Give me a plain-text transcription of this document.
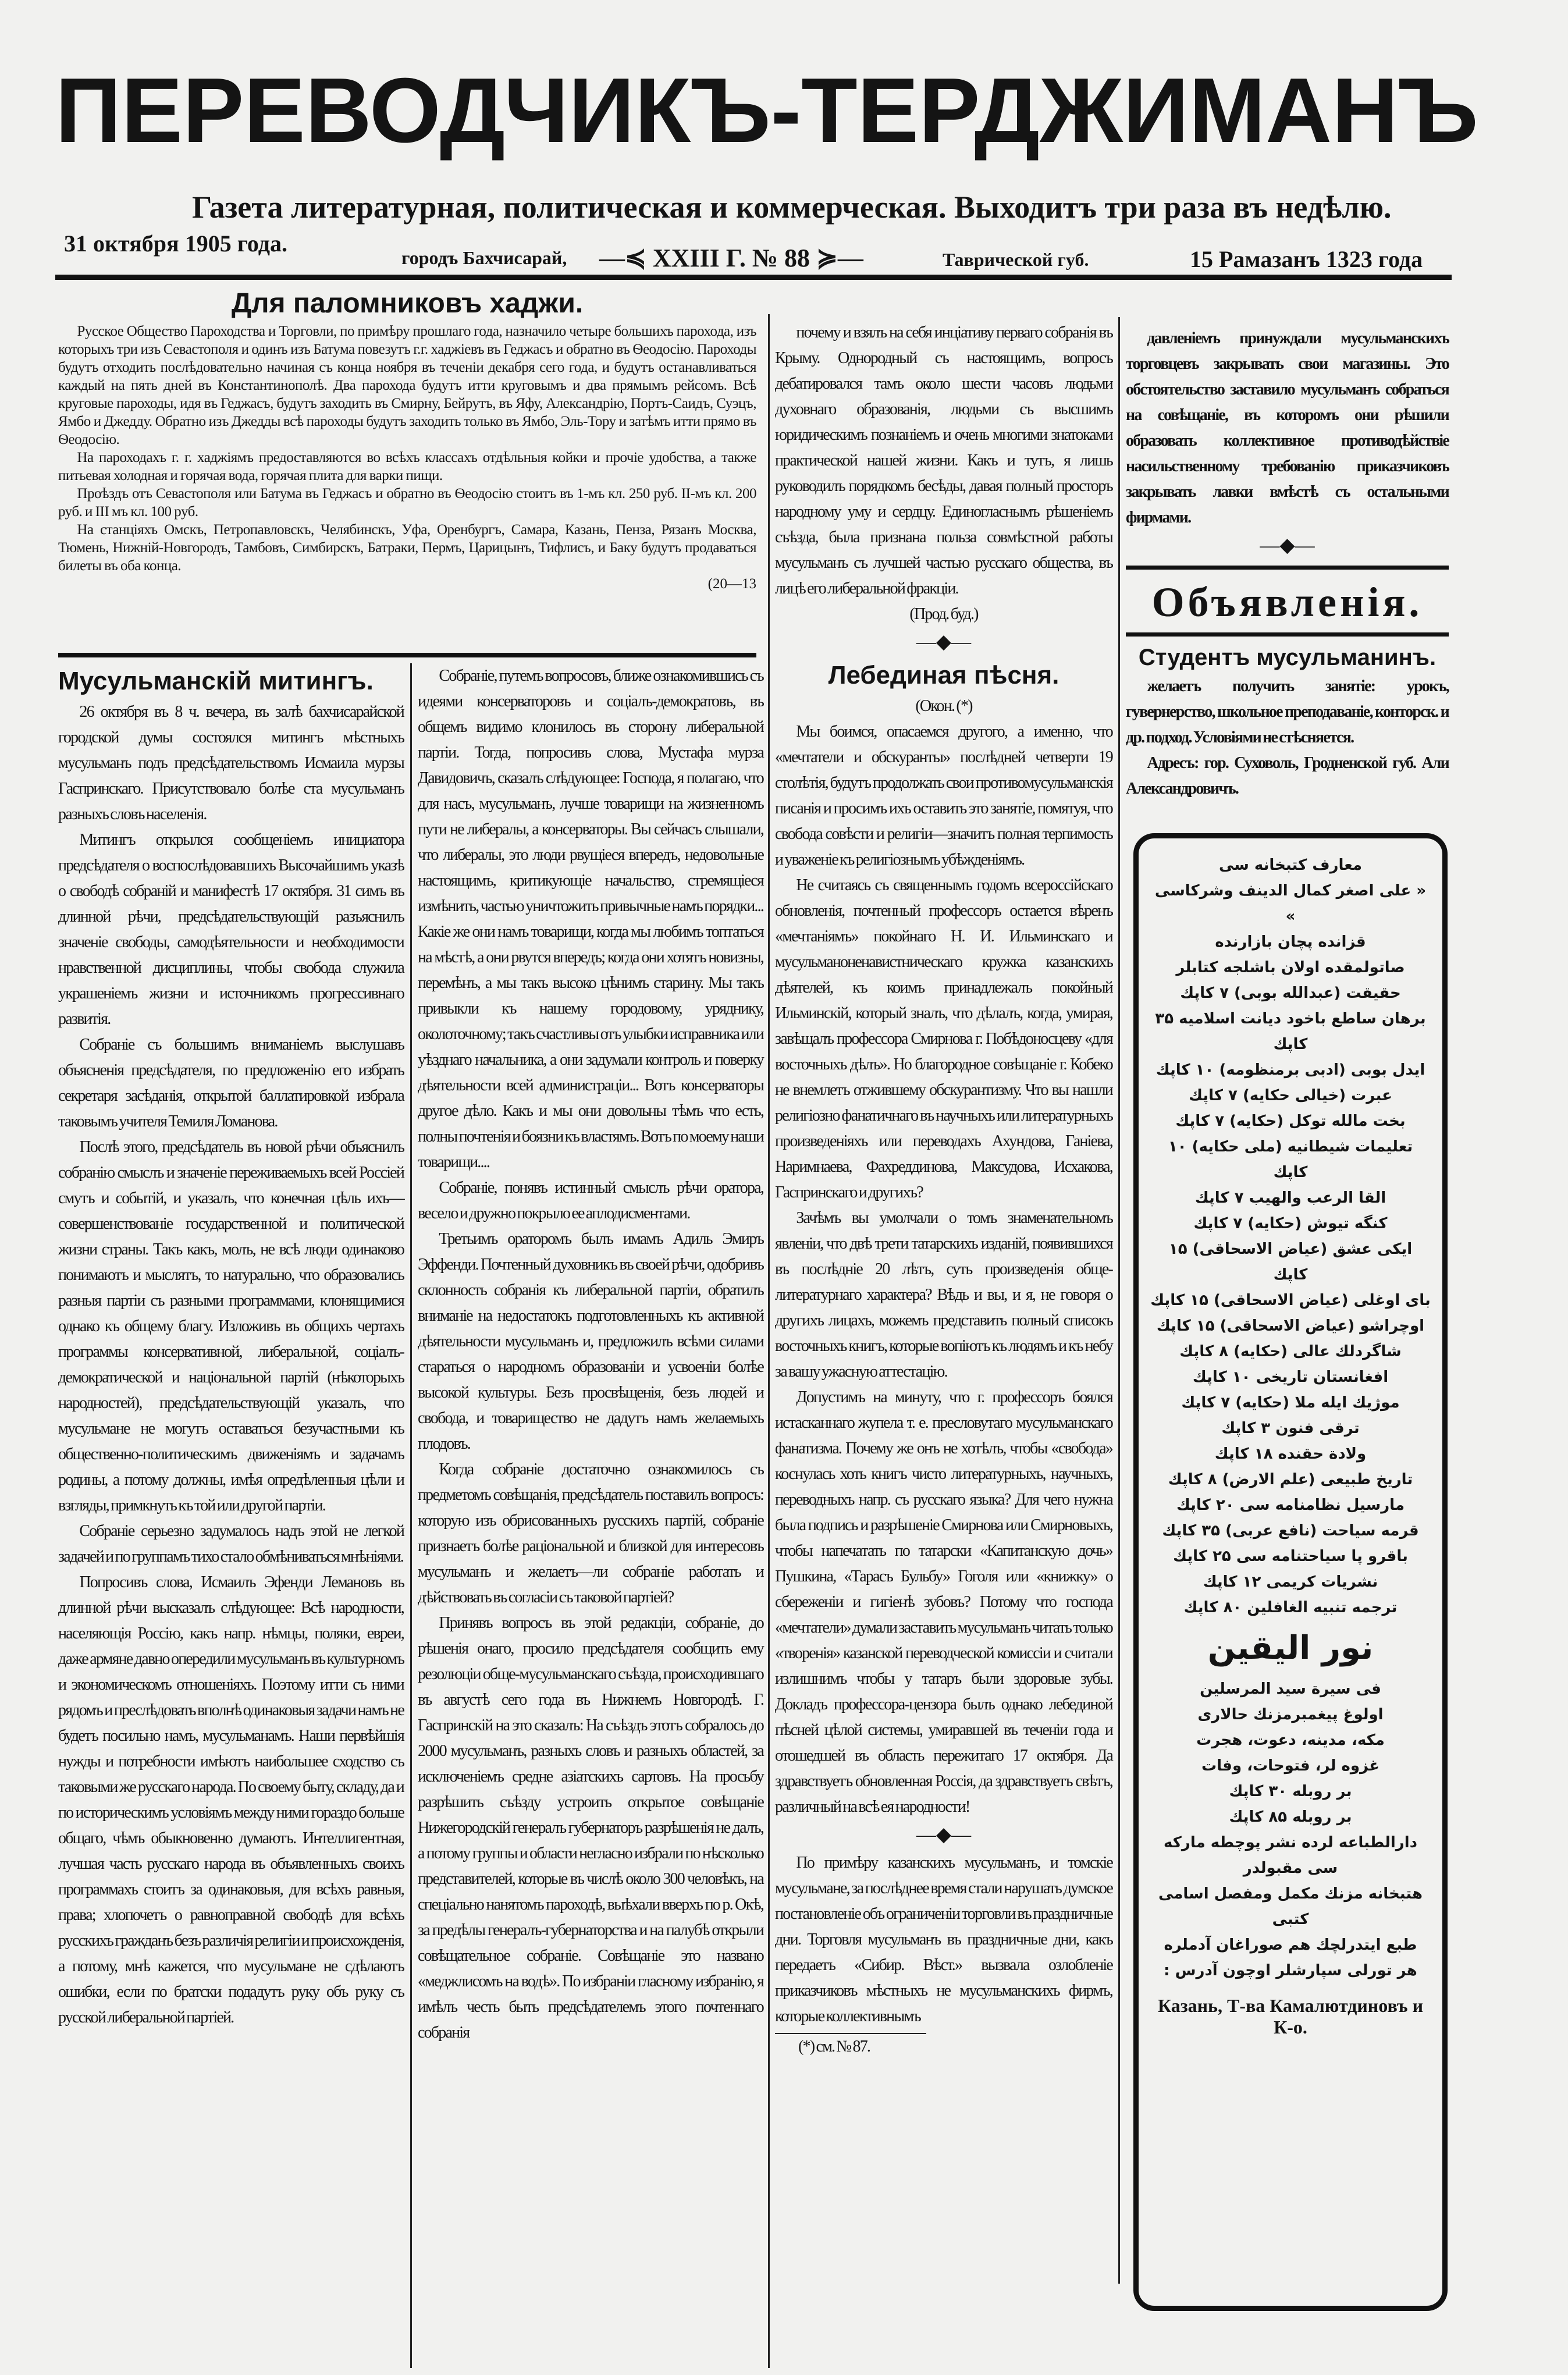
ПЕРЕВОДЧИКЪ-ТЕРДЖИМАНЪ
Газета литературная, политическая и коммерческая. Выходитъ три раза въ недѣлю.
31 октября 1905 года.
городъ Бахчисарай, —≼ XXIII Г. № 88 ≽—	Таврической губ.	15 Рамазанъ 1323 года
Для паломниковъ хаджи.

Русское Общество Пароходства и Торговли, по примѣру прошлаго года, назначило четыре большихъ парохода, изъ которыхъ три изъ Севастополя и одинъ изъ Батума повезутъ г.г. хаджіевъ въ Геджасъ и обратно въ Ѳеодосію. Пароходы будутъ отходить послѣдовательно начиная съ конца ноября въ теченіи декабря сего года, и будутъ останавливаться каждый на пять дней въ Константинополѣ. Два парохода будутъ итти круговымъ и два прямымъ рейсомъ. Всѣ круговые пароходы, идя въ Геджасъ, будутъ заходить въ Смирну, Бейрутъ, въ Яфу, Александрію, Портъ-Саидъ, Суэцъ, Ямбо и Джедду. Обратно изъ Джедды всѣ пароходы будутъ заходить только въ Ямбо, Эль-Тору и затѣмъ итти прямо въ Ѳеодосію.

На пароходахъ г. г. хаджіямъ предоставляются во всѣхъ классахъ отдѣльныя койки и прочіе удобства, а также питьевая холодная и горячая вода, горячая плита для варки пищи.

Проѣздъ отъ Севастополя или Батума въ Геджасъ и обратно въ Ѳеодосію стоитъ въ 1-мъ кл. 250 руб. II-мъ кл. 200 руб. и III мъ кл. 100 руб.

На станціяхъ Омскъ, Петропавловскъ, Челябинскъ, Уфа, Оренбургъ, Самара, Казань, Пенза, Рязанъ Москва, Тюмень, Нижній-Новгородъ, Тамбовъ, Симбирскъ, Батраки, Пермъ, Царицынъ, Тифлисъ, и Баку будутъ продаваться билеты въ оба конца.

(20—13
Мусульманскій митингъ.

26 октября въ 8 ч. вечера, въ залѣ бахчисарайской городской думы состоялся митингъ мѣстныхъ мусульманъ подъ предсѣдательствомъ Исмаила мурзы Гаспринскаго. Присутствовало болѣе ста мусульманъ разныхъ словъ населенія.

Митингъ открылся сообщеніемъ инициатора предсѣдателя о воспослѣдовавшихъ Высочайшимъ указѣ о свободѣ собраній и манифестѣ 17 октября. 31 симъ въ длинной рѣчи, предсѣдательствующій разъяснилъ значеніе свободы, самодѣятельности и необходимости нравственной дисциплины, чтобы свобода служила украшеніемъ жизни и источникомъ прогрессивнаго развитія.

Собраніе съ большимъ вниманіемъ выслушавъ объясненія предсѣдателя, по предложенію его избрать секретаря засѣданія, открытой баллатировкой избрала таковымъ учителя Темиля Ломанова.

Послѣ этого, предсѣдатель въ новой рѣчи объяснилъ собранію смыслъ и значеніе переживаемыхъ всей Россіей смутъ и событій, и указалъ, что конечная цѣль ихъ—совершенствованіе государственной и политической жизни страны. Такъ какъ, молъ, не всѣ люди одинаково понимаютъ и мыслятъ, то натурально, что образовались разныя партіи съ разными программами, клонящимися однако къ общему благу. Изложивъ въ общихъ чертахъ программы консервативной, либеральной, соціалъ-демократической и національной партій (нѣкоторыхъ народностей), предсѣдательствующій указалъ, что мусульмане не могутъ оставаться безучастными къ общественно-политическимъ движеніямъ и задачамъ родины, а потому должны, имѣя опредѣленныя цѣли и взгляды, примкнуть къ той или другой партіи.

Собраніе серьезно задумалось надъ этой не легкой задачей и по группамъ тихо стало обмѣниваться мнѣніями.

Попросивъ слова, Исмаилъ Эфенди Лемановъ въ длинной рѣчи высказалъ слѣдующее: Всѣ народности, населяющія Россію, какъ напр. нѣмцы, поляки, евреи, даже армяне давно опередили мусульманъ въ культурномъ и экономическомъ отношеніяхъ. Поэтому итти съ ними рядомъ и преслѣдовать вполнѣ одинаковыя задачи намъ не будетъ посильно намъ, мусульманамъ. Наши первѣйшія нужды и потребности имѣютъ наибольшее сходство съ таковыми же русскаго народа. По своему быту, складу, да и по историческимъ условіямъ между ними гораздо больше общаго, чѣмъ обыкновенно думаютъ. Интеллигентная, лучшая часть русскаго народа въ объявленныхъ своихъ программахъ стоитъ за одинаковыя, для всѣхъ равныя, права; хлопочетъ о равноправной свободѣ для всѣхъ русскихъ гражданъ безъ различія религіи и происхожденія, а потому, мнѣ кажется, что мусульмане не сдѣлаютъ ошибки, если по братски подадутъ руку объ руку съ русской либеральной партіей.

Собраніе, путемъ вопросовъ, ближе ознакомившись съ идеями консерваторовъ и соціалъ-демократовъ, въ общемъ видимо клонилось въ сторону либеральной партіи. Тогда, попросивъ слова, Мустафа мурза Давидовичъ, сказалъ слѣдующее: Господа, я полагаю, что для насъ, мусульманъ, лучше товарищи на жизненномъ пути не либералы, а консерваторы. Вы сейчасъ слышали, что либералы, это люди рвущіеся впередъ, недовольные настоящимъ, критикующіе начальство, стремящіеся измѣнить, частью уничтожить привычные намъ порядки... Какіе же они намъ товарищи, когда мы любимъ топтаться на мѣстѣ, а они рвутся впередъ; когда они хотятъ новизны, перемѣнъ, а мы такъ высоко цѣнимъ старину. Мы такъ привыкли къ нашему городовому, уряднику, околоточному; такъ счастливы отъ улыбки исправника или уѣзднаго начальника, а они задумали контроль и поверку дѣятельности всей администраціи... Вотъ консерваторы другое дѣло. Какъ и мы они довольны тѣмъ что есть, полны почтенія и боязни къ властямъ. Вотъ по моему наши товарищи....

Собраніе, понявъ истинный смыслъ рѣчи оратора, весело и дружно покрыло ее аплодисментами.

Третьимъ ораторомъ былъ имамъ Адиль Эмиръ Эффенди. Почтенный духовникъ въ своей рѣчи, одобривъ склонность собранія къ либеральной партіи, обратилъ вниманіе на недостатокъ подготовленныхъ къ активной дѣятельности мусульманъ и, предложилъ всѣми силами стараться о народномъ образованіи и усвоеніи болѣе высокой культуры. Безъ просвѣщенія, безъ людей и свобода, и товарищество не дадутъ намъ желаемыхъ плодовъ.

Когда собраніе достаточно ознакомилось съ предметомъ совѣщанія, предсѣдатель поставилъ вопросъ: которую изъ обрисованныхъ русскихъ партій, собраніе признаетъ болѣе раціональной и близкой для интересовъ мусульманъ и желаетъ—ли собраніе работать и дѣйствовать въ согласіи съ таковой партіей?

Принявъ вопросъ въ этой редакціи, собраніе, до рѣшенія онаго, просило предсѣдателя сообщить ему резолюціи обще-мусульманскаго съѣзда, происходившаго въ августѣ сего года въ Нижнемъ Новгородѣ. Г. Гаспринскій на это сказалъ: На съѣздъ этотъ собралось до 2000 мусульманъ, разныхъ словъ и разныхъ областей, за исключеніемъ средне азіатскихъ сартовъ. На просьбу разрѣшить съѣзду устроить открытое совѣщаніе Нижегородскій генералъ губернаторъ разрѣшенія не далъ, а потому группы и области негласно избрали по нѣсколько представителей, которые въ числѣ около 300 человѣкъ, на спеціально нанятомъ пароходѣ, выѣхали вверхъ по р. Окѣ, за предѣлы генералъ-губернаторства и на палубѣ открыли совѣщательное собраніе. Совѣщаніе это названо «меджлисомъ на водѣ». По избраніи гласному избранію, я имѣлъ честь быть предсѣдателемъ этого почтеннаго собранія

почему и взялъ на себя инціативу перваго собранія въ Крыму. Однородный съ настоящимъ, вопросъ дебатировался тамъ около шести часовъ людьми духовнаго образованія, людьми съ высшимъ юридическимъ познаніемъ и очень многими знатоками практической нашей жизни. Какъ и тутъ, я лишь руководилъ порядкомъ бесѣды, давая полный просторъ народному уму и сердцу. Единогласнымъ рѣшеніемъ съѣзда, была признана польза совмѣстной работы мусульманъ съ лучшей частью русскаго общества, въ лицѣ его либеральной фракціи.

(Прод. буд.)

—◆—
Лебединая пѣсня.

(Окон. (*)

Мы боимся, опасаемся другого, а именно, что «мечтатели и обскуранты» послѣдней четверти 19 столѣтія, будутъ продолжать свои противомусульманскія писанія и просимъ ихъ оставить это занятіе, помятуя, что свобода совѣсти и религіи—значитъ полная терпимость и уваженіе къ религіознымъ убѣжденіямъ.

Не считаясь съ священнымъ годомъ всероссійскаго обновленія, почтенный профессоръ остается вѣренъ «мечтаніямъ» покойнаго Н. И. Ильминскаго и мусульманоненавистническаго кружка казанскихъ дѣятелей, къ коимъ принадлежалъ покойный Ильминскій, который зналъ, что дѣлалъ, когда, умирая, завѣщалъ профессора Смирнова г. Побѣдоносцеву «для восточныхъ дѣлъ». Но благородное совѣщаніе г. Кобеко не внемлетъ отжившему обскурантизму. Что вы нашли религіозно фанатичнаго въ научныхъ или литературныхъ произведеніяхъ или переводахъ Ахундова, Ганіева, Наримнаева, Фахреддинова, Максудова, Исхакова, Гаспринскаго и другихъ?

Зачѣмъ вы умолчали о томъ знаменательномъ явленіи, что двѣ трети татарскихъ изданій, появившихся въ послѣдніе 20 лѣтъ, суть произведенія обще-литературнаго характера? Вѣдь и вы, и я, не говоря о другихъ лицахъ, можемъ представить полный списокъ восточныхъ книгъ, которые вопіютъ къ людямъ и къ небу за вашу ужасную аттестацію.

Допустимъ на минуту, что г. профессоръ боялся истасканнаго жупела т. е. пресловутаго мусульманскаго фанатизма. Почему же онъ не хотѣлъ, чтобы «свобода» коснулась хоть книгъ чисто литературныхъ, научныхъ, переводныхъ напр. съ русскаго языка? Для чего нужна была подпись и разрѣшеніе Смирнова или Смирновыхъ, чтобы напечатать по татарски «Капитанскую дочь» Пушкина, «Тарасъ Бульбу» Гоголя или «книжку» о сбереженіи и гигіенѣ зубовъ? Потому что господа «мечтатели» думали заставить мусульманъ читать только «творенія» казанской переводческой комиссіи и считали излишнимъ чтобы у татаръ были здоровые зубы. Докладъ профессора-цензора былъ однако лебединой пѣсней цѣлой системы, умиравшей въ теченіи года и отошедшей въ область пережитаго 17 октября. Да здравствуетъ обновленная Россія, да здравствуетъ свѣтъ, различный на всѣ ея народности!

—◆—

По примѣру казанскихъ мусульманъ, и томскіе мусульмане, за послѣднее время стали нарушать думское постановленіе объ ограниченіи торговли въ праздничные дни. Торговля мусульманъ въ праздничные дни, какъ передаетъ «Сибир. Вѣст.» вызвала озлобленіе приказчиковъ мѣстныхъ не мусульманскихъ фирмъ, которые коллективнымъ

(*) см. № 87.

давленіемъ принуждали мусульманскихъ торговцевъ закрывать свои магазины. Это обстоятельство заставило мусульманъ собраться на совѣщаніе, въ которомъ они рѣшили образовать коллективное противодѣйствіе насильственному требованію приказчиковъ закрывать лавки вмѣстѣ съ остальными фирмами.

—◆—
Объявленія.
Студентъ мусульманинъ.

желаетъ получить занятіе: урокъ, гувернерство, школьное преподаваніе, конторск. и др. подход. Условіями не стѣсняется.

Адресъ: гор. Суховоль, Гродненской губ. Али Александровичъ.

معارف كتبخانه سى
« على اصغر كمال الدينف وشركاسى »
قزانده پچان بازارنده
صاتولمقده اولان باشلجه كتابلر
حقيقت (عبدالله بوبى) ۷ كاپك
برهان ساطع باخود ديانت اسلاميه ۳۵ كاپك
ايدل بوبى (ادبى برمنظومه) ۱۰ كاپك
عبرت (خيالى حكايه) ۷ كاپك
بخت مالله توكل (حكايه) ۷ كاپك
تعليمات شيطانيه (ملى حكايه) ۱۰ كاپك
القا الرعب والهيب ۷ كاپك
كنگه تيوش (حكايه) ۷ كاپك
ايكى عشق (عياض الاسحاقى) ۱۵ كاپك
باى اوغلى (عياض الاسحاقى) ۱۵ كاپك
اوچراشو (عياض الاسحاقى) ۱۵ كاپك
شاگردلك عالى (حكايه) ۸ كاپك
افغانستان تاريخى ۱۰ كاپك
موژيك ايله ملا (حكايه) ۷ كاپك
ترقى فنون ۳ كاپك
ولادة حقنده ۱۸ كاپك
تاريخ طبيعى (علم الارض) ۸ كاپك
مارسيل نظامنامه سى ۲۰ كاپك
قرمه سياحت (نافع عربى) ۳۵ كاپك
باقرو پا سياحتنامه سى ۲۵ كاپك
نشريات كريمى ۱۲ كاپك
ترجمه تنبيه الغافلين ۸۰ كاپك
نور اليقين
فى سيرة سيد المرسلين
اولوغ پيغمبرمزنك حالارى
مكه، مدينه، دعوت، هجرت
غزوه لر، فتوحات، وفات
بر روبله ۳۰ كاپك
بر روبله ۸۵ كاپك
دارالطباعه لرده نشر پوچطه ماركه سى مقبولدر
هتبخانه مزنك مكمل ومفصل اسامى كتبى
طبع ايتدرلچك هم صوراغان آدملره
هر تورلى سپارشلر اوچون آدرس :
Казань, Т-ва Камалютдиновъ и К-о.
